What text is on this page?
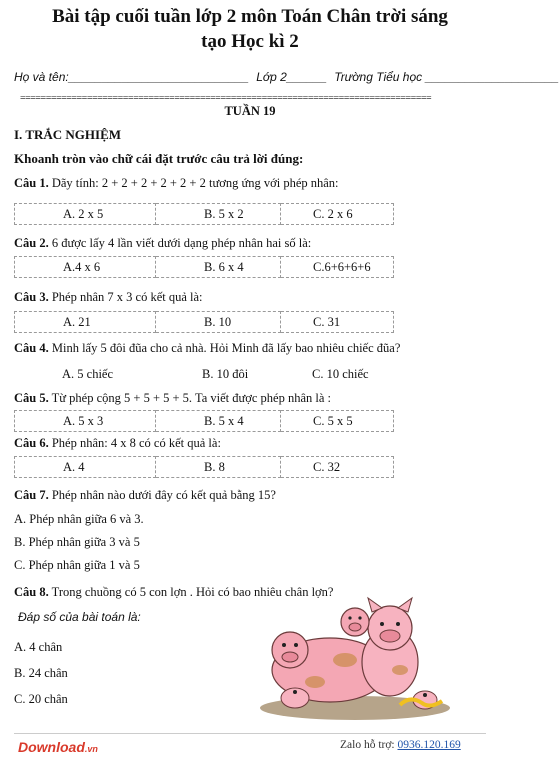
Bài tập cuối tuần lớp 2 môn Toán Chân trời sáng
tạo Học kì 2
Họ và tên:___________________________ Lớp 2______ Trường Tiểu học ____________________
================================================================================
TUẦN 19
I. TRẮC NGHIỆM
Khoanh tròn vào chữ cái đặt trước câu trả lời đúng:
Câu 1. Dãy tính: 2 + 2 + 2 + 2 + 2 + 2 tương ứng với phép nhân:
A. 2 x 5	B. 5 x 2	C. 2 x 6
Câu 2. 6 được lấy 4 lần viết dưới dạng phép nhân hai số là:
A.4 x 6	B. 6 x 4	C.6+6+6+6
Câu 3. Phép nhân 7 x 3 có kết quả là:
A. 21	B. 10	C. 31
Câu 4. Minh lấy 5 đôi đũa cho cả nhà. Hỏi Minh đã lấy bao nhiêu chiếc đũa?
A. 5 chiếc	B. 10 đôi	C. 10 chiếc
Câu 5. Từ phép cộng 5 + 5 + 5 + 5. Ta viết được phép nhân là :
A. 5 x 3	B. 5 x 4	C. 5 x 5
Câu 6. Phép nhân: 4 x 8 có có kết quả là:
A. 4	B. 8	C. 32
Câu 7. Phép nhân nào dưới đây có kết quả bằng 15?
A. Phép nhân giữa 6 và 3.
B. Phép nhân giữa 3 và 5
C. Phép nhân giữa 1 và 5
Câu 8. Trong chuồng có 5 con lợn . Hỏi có bao nhiêu chân lợn?
Đáp số của bài toán là:
A. 4 chân
B. 24 chân
C. 20 chân
Download.vn	Zalo hỗ trợ: 0936.120.169
